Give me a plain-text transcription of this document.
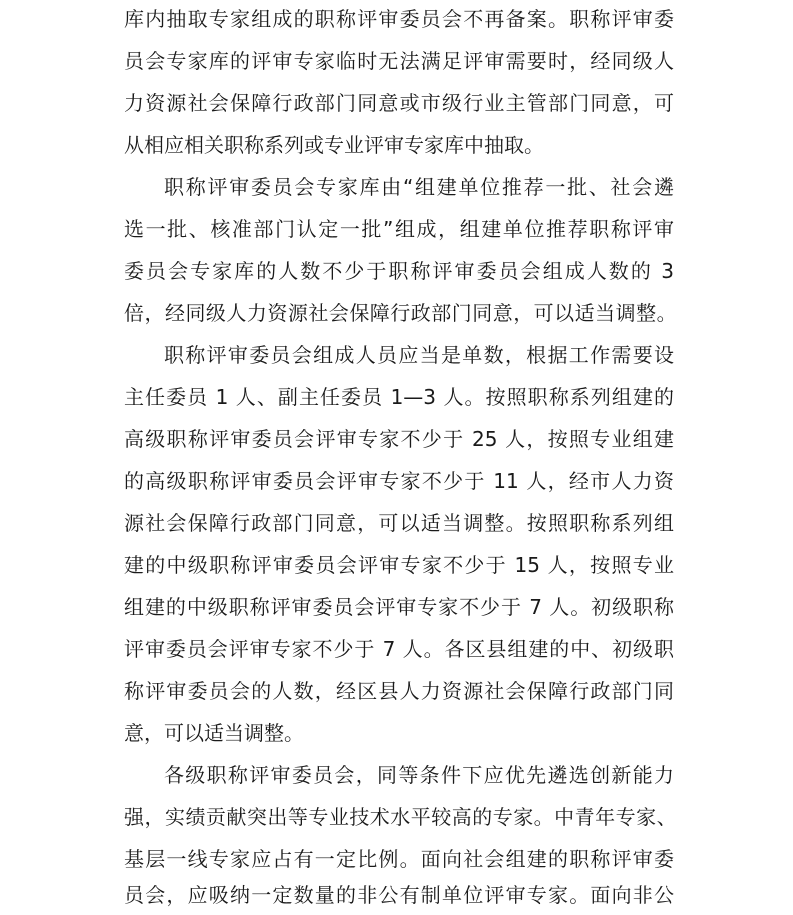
库内抽取专家组成的职称评审委员会不再备案。职称评审委
员会专家库的评审专家临时无法满足评审需要时，经同级人
力资源社会保障行政部门同意或市级行业主管部门同意，可
从相应相关职称系列或专业评审专家库中抽取。
职称评审委员会专家库由“组建单位推荐一批、社会遴
选一批、核准部门认定一批”组成，组建单位推荐职称评审
委员会专家库的人数不少于职称评审委员会组成人数的 3
倍，经同级人力资源社会保障行政部门同意，可以适当调整。
职称评审委员会组成人员应当是单数，根据工作需要设
主任委员 1 人、副主任委员 1—3 人。按照职称系列组建的
高级职称评审委员会评审专家不少于 25 人，按照专业组建
的高级职称评审委员会评审专家不少于 11 人，经市人力资
源社会保障行政部门同意，可以适当调整。按照职称系列组
建的中级职称评审委员会评审专家不少于 15 人，按照专业
组建的中级职称评审委员会评审专家不少于 7 人。初级职称
评审委员会评审专家不少于 7 人。各区县组建的中、初级职
称评审委员会的人数，经区县人力资源社会保障行政部门同
意，可以适当调整。
各级职称评审委员会，同等条件下应优先遴选创新能力
强，实绩贡献突出等专业技术水平较高的专家。中青年专家、
基层一线专家应占有一定比例。面向社会组建的职称评审委
员会，应吸纳一定数量的非公有制单位评审专家。面向非公
